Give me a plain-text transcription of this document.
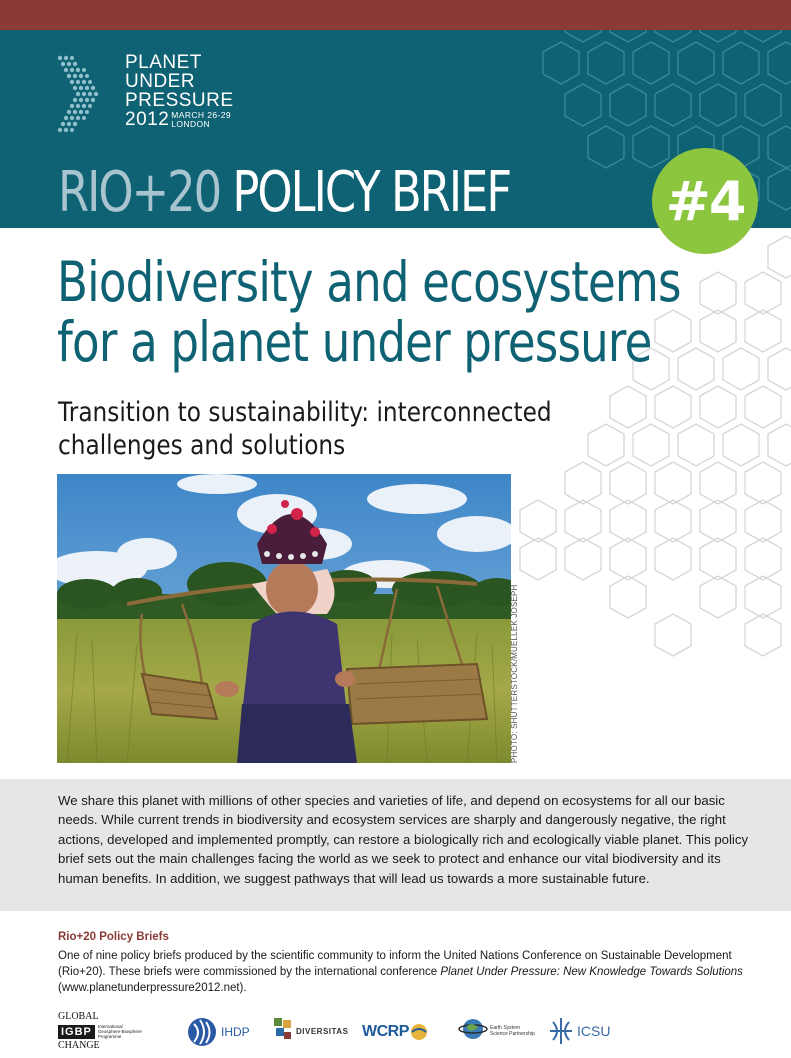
PLANET
UNDER
PRESSURE
2012 MARCH 26-29
LONDON
RIO+20 POLICY BRIEF	#4
Biodiversity and ecosystems
for a planet under pressure
Transition to sustainability: interconnected
challenges and solutions
PHOTO: SHUTTERSTOCK/MUELLEK JOSEPH
We share this planet with millions of other species and varieties of life, and depend on ecosystems for all our basic needs. While current trends in biodiversity and ecosystem services are sharply and dangerously negative, the right actions, developed and implemented promptly, can restore a biologically rich and ecologically viable planet. This policy brief sets out the main challenges facing the world as we seek to protect and enhance our vital biodiversity and its human benefits. In addition, we suggest pathways that will lead us towards a more sustainable future.
Rio+20 Policy Briefs
One of nine policy briefs produced by the scientific community to inform the United Nations Conference on Sustainable Development (Rio+20). These briefs were commissioned by the international conference Planet Under Pressure: New Knowledge Towards Solutions (www.planetunderpressure2012.net).
GLOBAL
IGBP	International
Geosphere-Biosphere
Programme
CHANGE
IHDP	DIVERSITAS WCRP	Earth System
Science Partnership	ICSU
